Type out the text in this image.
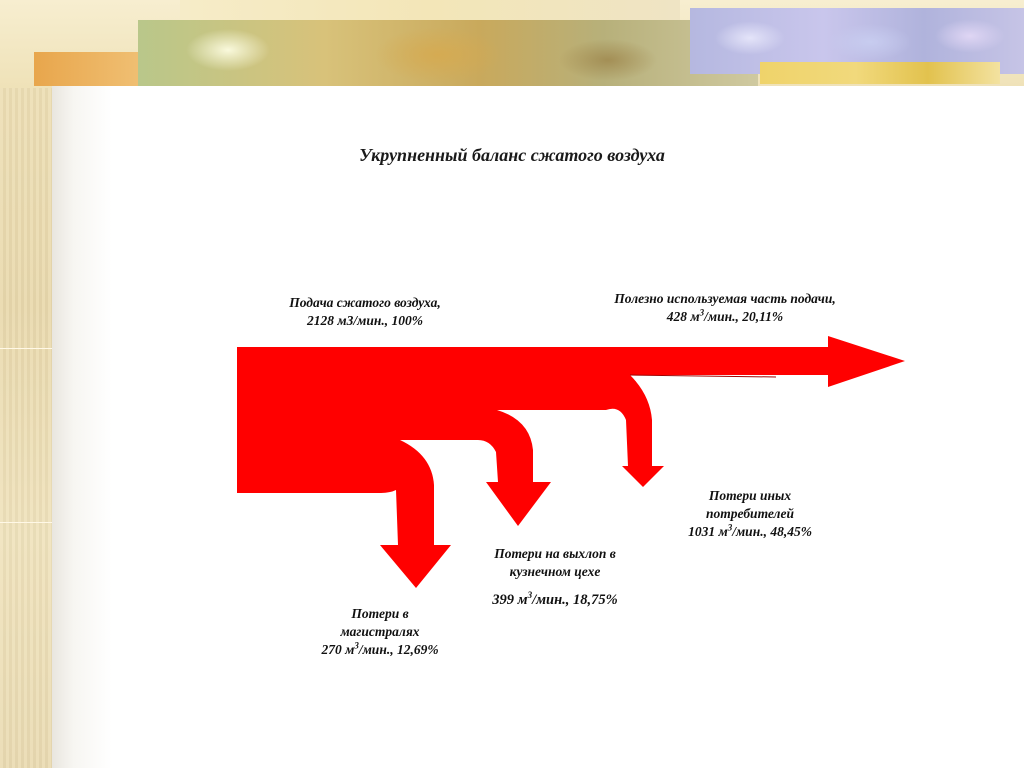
Укрупненный баланс сжатого воздуха
Подача сжатого воздуха,
2128 м3/мин., 100%
Полезно используемая часть подачи,
428 $м^3$/мин., 20,11%
Потери иных
потребителей
1031 $м^3$/мин., 48,45%
Потери на выхлоп в
кузнечном цехе
399 $м^3$/мин., 18,75%
Потери в
магистралях
270 $м^3$/мин., 12,69%
